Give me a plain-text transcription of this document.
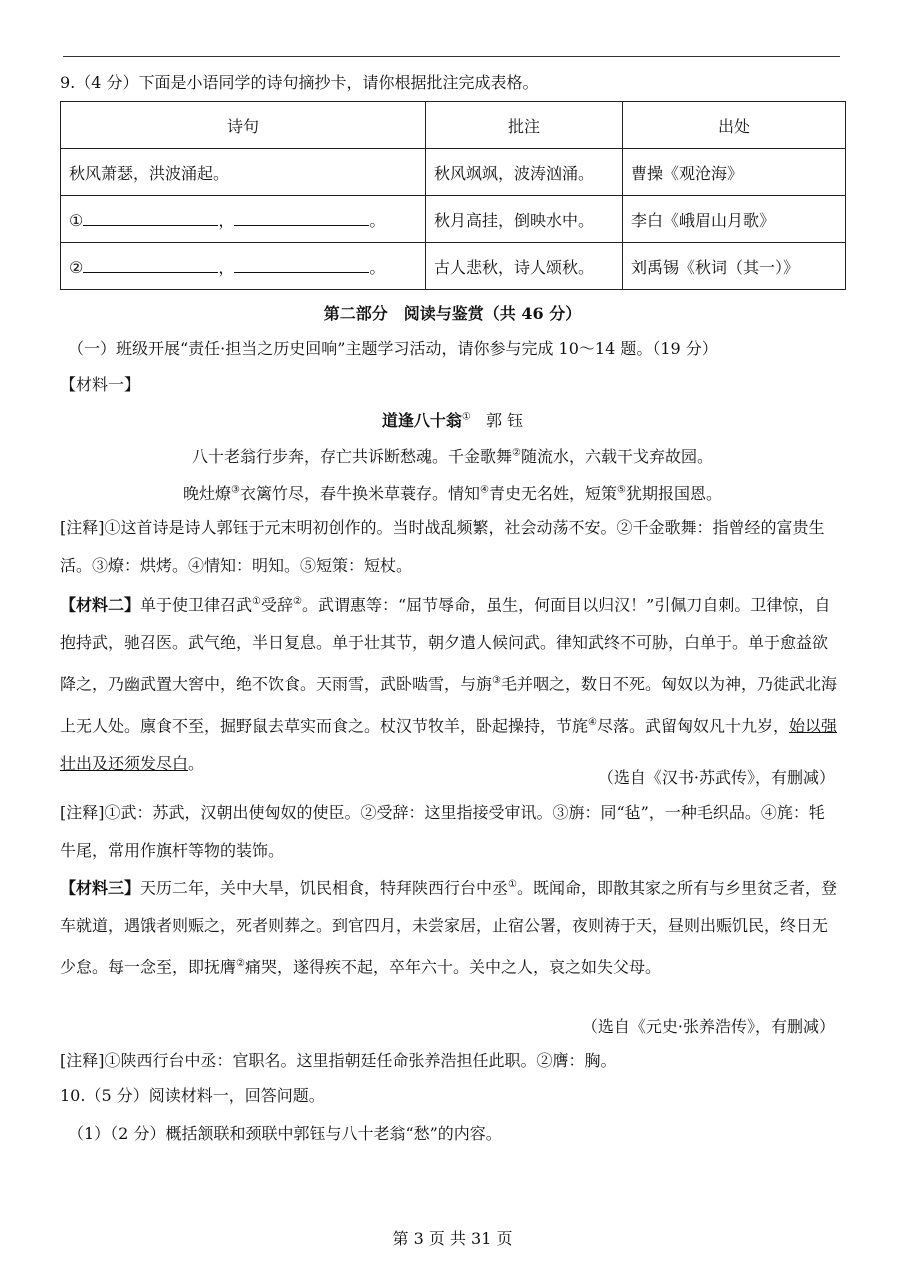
9.（4 分）下面是小语同学的诗句摘抄卡，请你根据批注完成表格。
诗句	批注	出处
秋风萧瑟，洪波涌起。	秋风飒飒，波涛汹涌。	曹操《观沧海》
① ， 。	秋月高挂，倒映水中。	李白《峨眉山月歌》
② ， 。	古人悲秋，诗人颂秋。	刘禹锡《秋词（其一）》
第二部分　阅读与鉴赏（共 46 分）
（一）班级开展“责任·担当之历史回响”主题学习活动，请你参与完成 10～14 题。（19 分）
【材料一】
道逢八十翁① 郭 钰
八十老翁行步奔，存亡共诉断愁魂。千金歌舞②随流水，六载干戈弃故园。
晚灶燎③衣篱竹尽，春牛换米草蓑存。情知④青史无名姓，短策⑤犹期报国恩。
[注释]①这首诗是诗人郭钰于元末明初创作的。当时战乱频繁，社会动荡不安。②千金歌舞：指曾经的富贵生活。③燎：烘烤。④情知：明知。⑤短策：短杖。
【材料二】单于使卫律召武①受辞②。武谓惠等：“屈节辱命，虽生，何面目以归汉！”引佩刀自刺。卫律惊，自抱持武，驰召医。武气绝，半日复息。单于壮其节，朝夕遣人候问武。律知武终不可胁，白单于。单于愈益欲降之，乃幽武置大窖中，绝不饮食。天雨雪，武卧啮雪，与旃③毛并咽之，数日不死。匈奴以为神，乃徙武北海上无人处。廪食不至，掘野鼠去草实而食之。杖汉节牧羊，卧起操持，节旄④尽落。武留匈奴凡十九岁，始以强壮出及还须发尽白。
（选自《汉书·苏武传》，有删减）
[注释]①武：苏武，汉朝出使匈奴的使臣。②受辞：这里指接受审讯。③旃：同“毡”，一种毛织品。④旄：牦牛尾，常用作旗杆等物的装饰。
【材料三】天历二年，关中大旱，饥民相食，特拜陕西行台中丞①。既闻命，即散其家之所有与乡里贫乏者，登车就道，遇饿者则赈之，死者则葬之。到官四月，未尝家居，止宿公署，夜则祷于天，昼则出赈饥民，终日无少怠。每一念至，即抚膺②痛哭，遂得疾不起，卒年六十。关中之人，哀之如失父母。
（选自《元史·张养浩传》，有删减）
[注释]①陕西行台中丞：官职名。这里指朝廷任命张养浩担任此职。②膺：胸。
10.（5 分）阅读材料一，回答问题。
（1）（2 分）概括颔联和颈联中郭钰与八十老翁“愁”的内容。
第 3 页 共 31 页
